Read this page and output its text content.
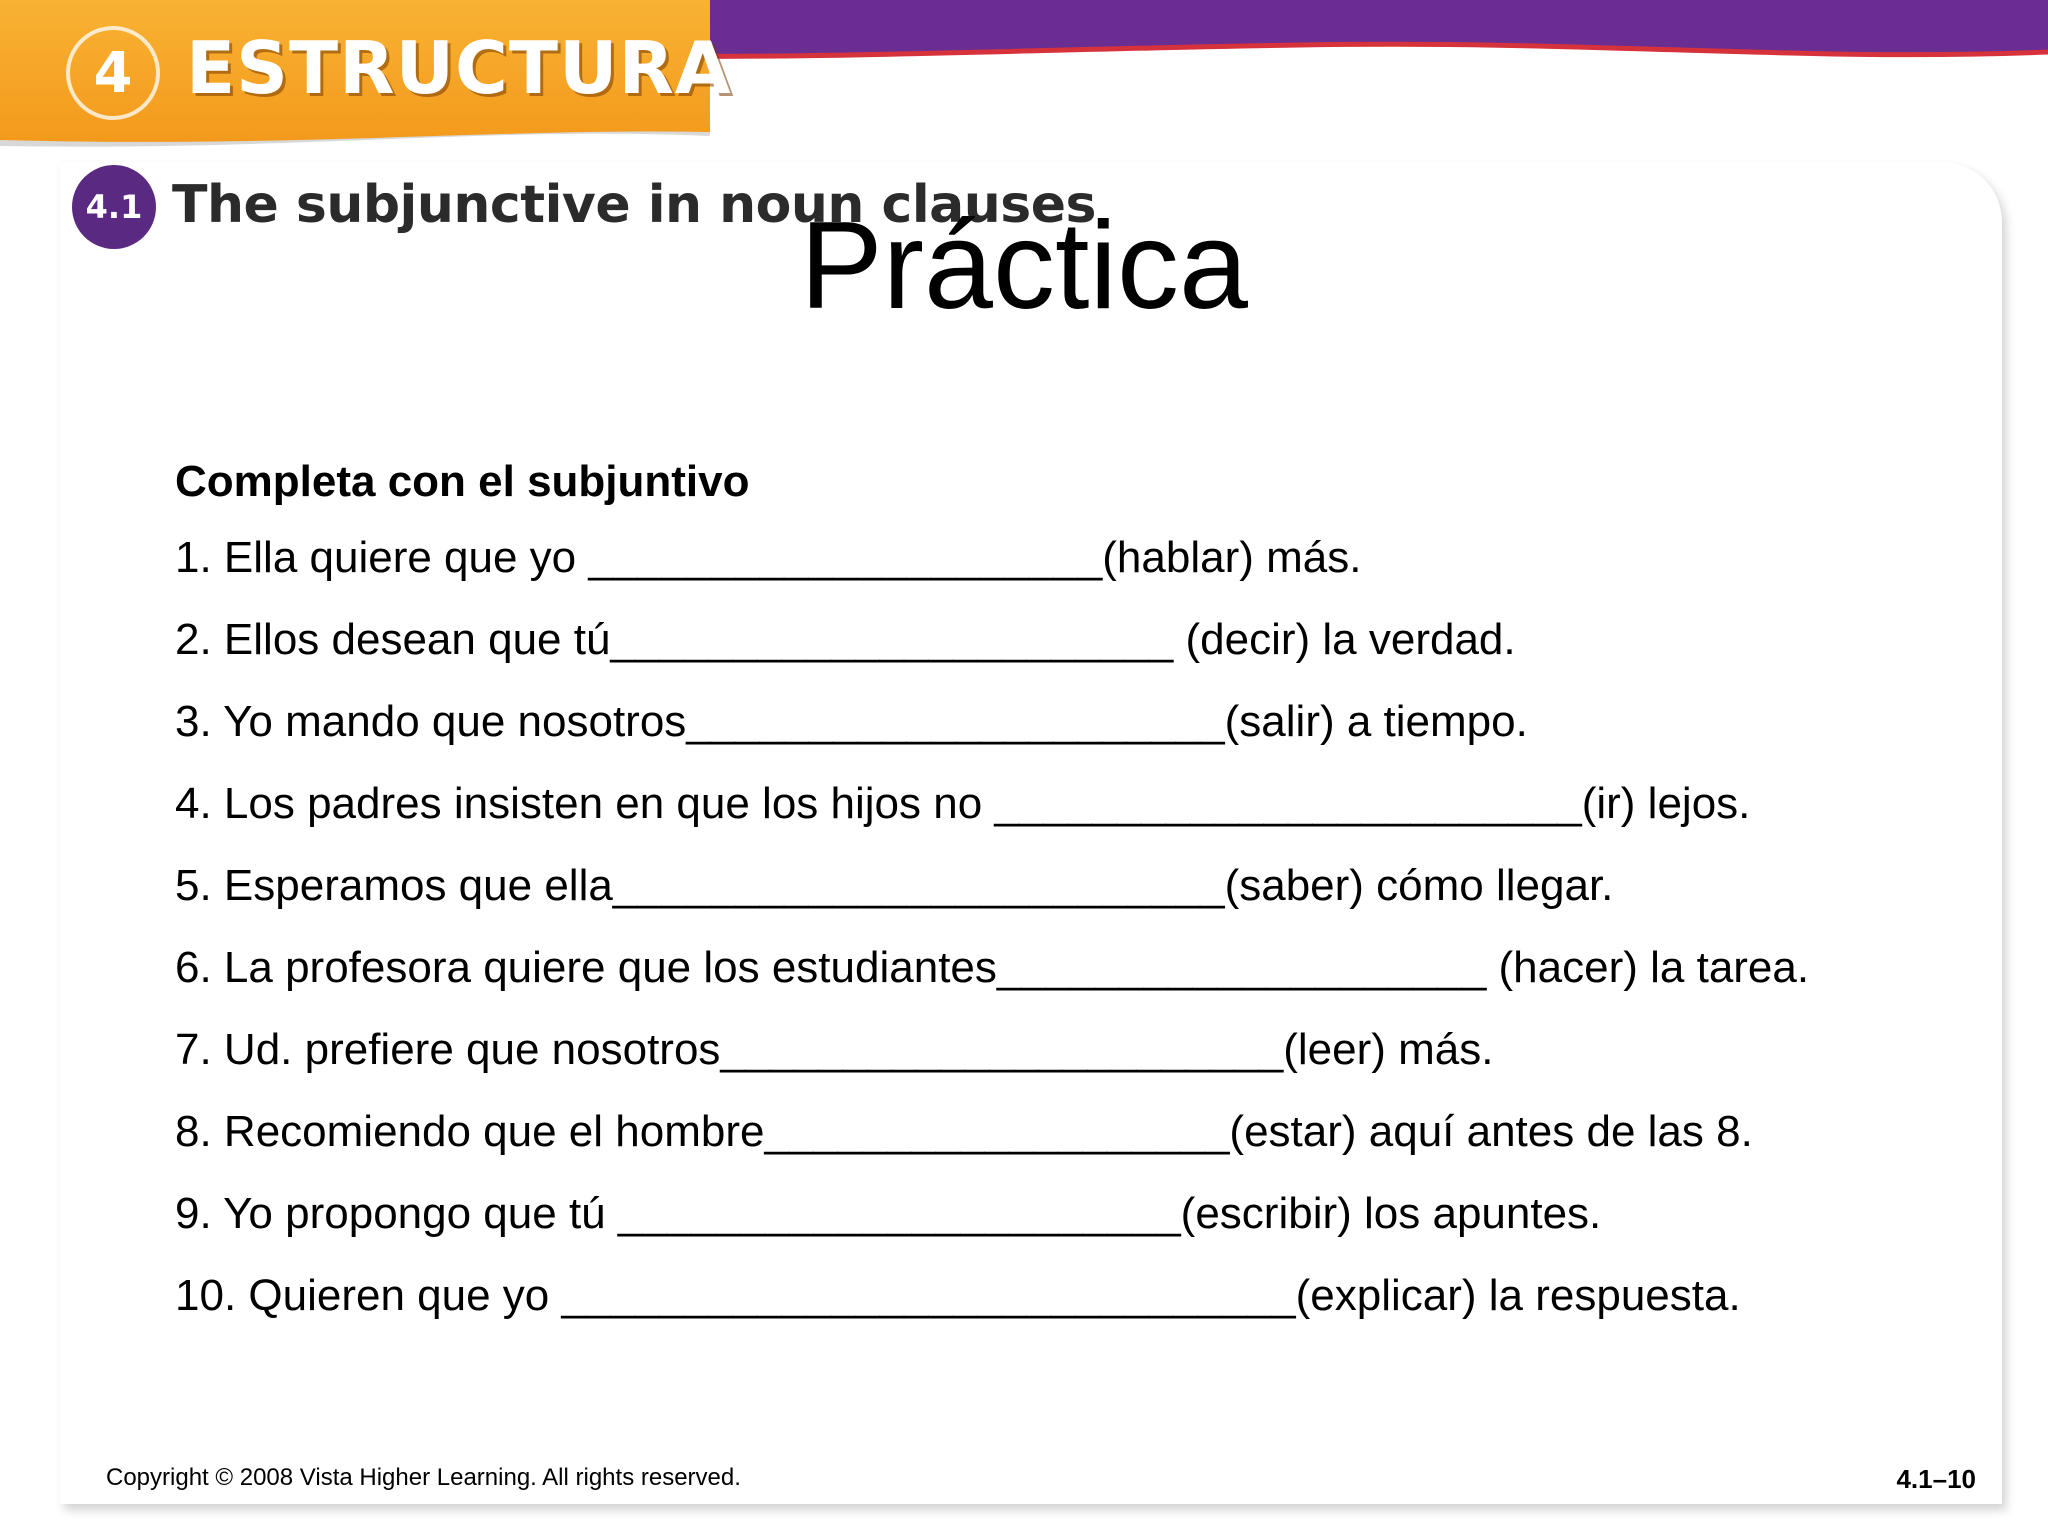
4 ESTRUCTURA
4.1 The subjunctive in noun clauses
Práctica
Completa con el subjuntivo
1. Ella quiere que yo _____________________(hablar) más.
2. Ellos desean que tú_______________________ (decir) la verdad.
3. Yo mando que nosotros______________________(salir) a tiempo.
4. Los padres insisten en que los hijos no ________________________(ir) lejos.
5. Esperamos que ella_________________________(saber) cómo llegar.
6. La profesora quiere que los estudiantes____________________ (hacer) la tarea.
7. Ud. prefiere que nosotros_______________________(leer) más.
8. Recomiendo que el hombre___________________(estar) aquí antes de las 8.
9. Yo propongo que tú _______________________(escribir) los apuntes.
10. Quieren que yo ______________________________(explicar) la respuesta.
Copyright © 2008 Vista Higher Learning. All rights reserved.	4.1–10
